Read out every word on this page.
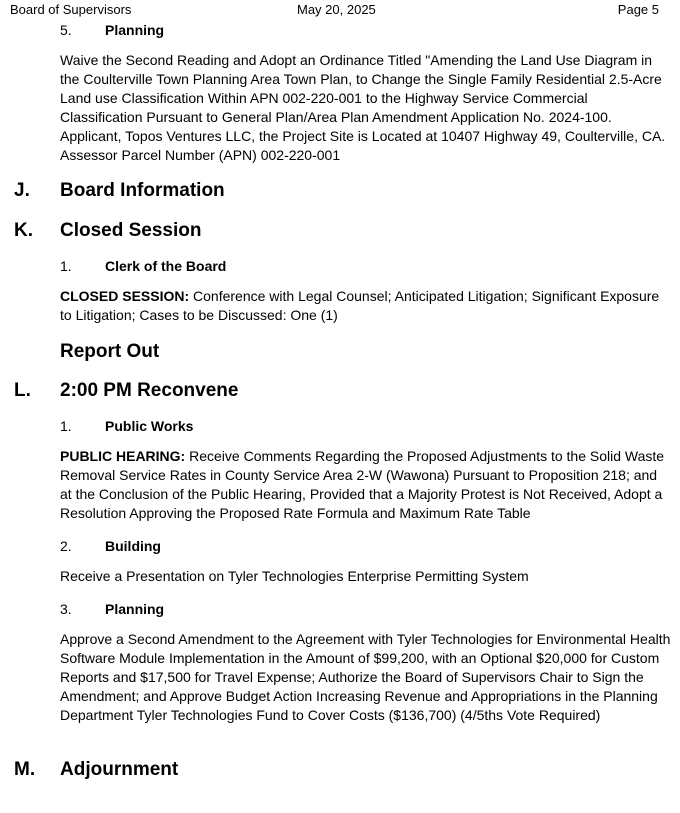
Board of Supervisors	May 20, 2025	Page 5
5. Planning
Waive the Second Reading and Adopt an Ordinance Titled "Amending the Land Use Diagram in the Coulterville Town Planning Area Town Plan, to Change the Single Family Residential 2.5-Acre Land use Classification Within APN 002-220-001 to the Highway Service Commercial Classification Pursuant to General Plan/Area Plan Amendment Application No. 2024-100. Applicant, Topos Ventures LLC, the Project Site is Located at 10407 Highway 49, Coulterville, CA. Assessor Parcel Number (APN) 002-220-001
J. Board Information
K. Closed Session
1. Clerk of the Board
CLOSED SESSION: Conference with Legal Counsel; Anticipated Litigation; Significant Exposure to Litigation; Cases to be Discussed: One (1)
Report Out
L. 2:00 PM Reconvene
1. Public Works
PUBLIC HEARING: Receive Comments Regarding the Proposed Adjustments to the Solid Waste Removal Service Rates in County Service Area 2-W (Wawona) Pursuant to Proposition 218; and at the Conclusion of the Public Hearing, Provided that a Majority Protest is Not Received, Adopt a Resolution Approving the Proposed Rate Formula and Maximum Rate Table
2. Building
Receive a Presentation on Tyler Technologies Enterprise Permitting System
3. Planning
Approve a Second Amendment to the Agreement with Tyler Technologies for Environmental Health Software Module Implementation in the Amount of $99,200, with an Optional $20,000 for Custom Reports and $17,500 for Travel Expense; Authorize the Board of Supervisors Chair to Sign the Amendment; and Approve Budget Action Increasing Revenue and Appropriations in the Planning Department Tyler Technologies Fund to Cover Costs ($136,700) (4/5ths Vote Required)
M. Adjournment
